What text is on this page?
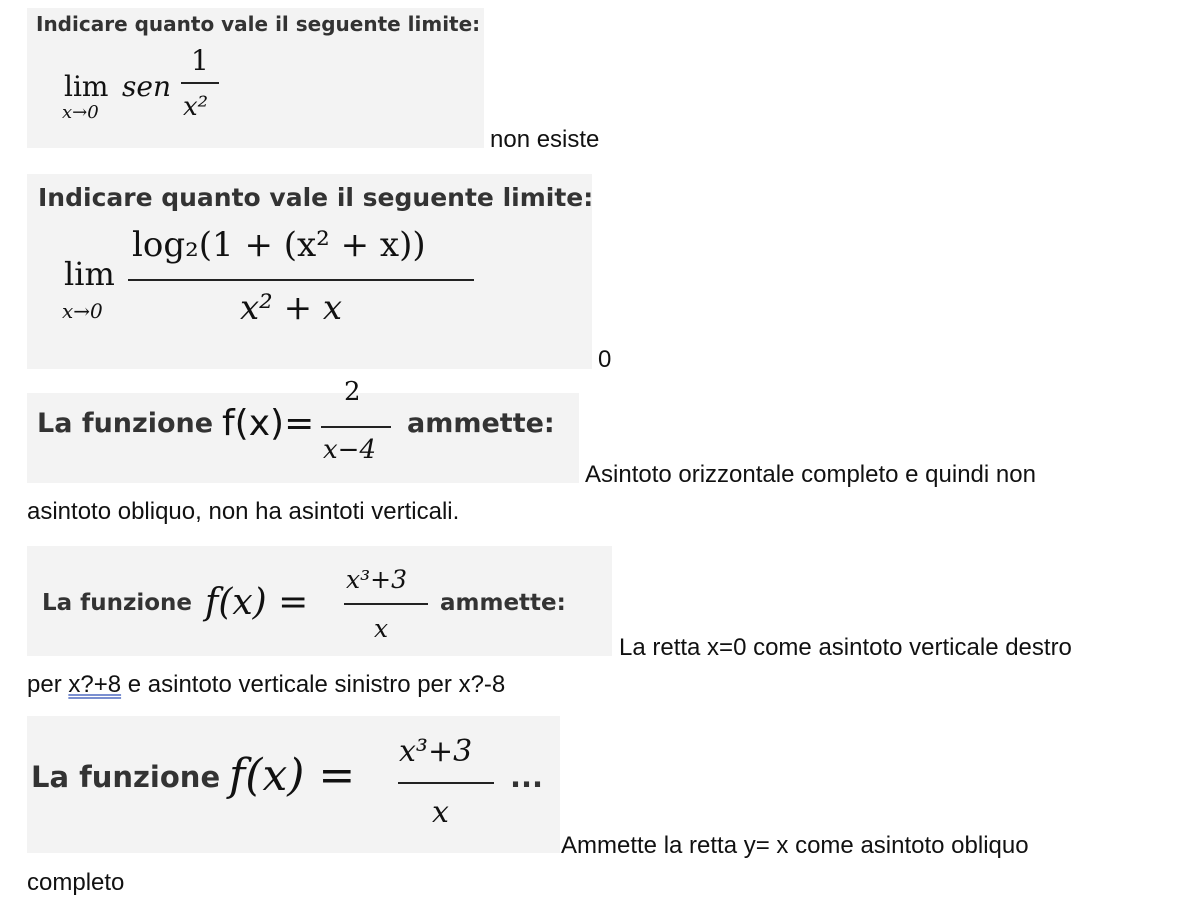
Indicare quanto vale il seguente limite:
lim
x→0
sen
1
x²
non esiste
Indicare quanto vale il seguente limite:
lim
x→0
log₂(1 + (x² + x))
x² + x
0
La funzione f(x)=
2
x−4
ammette:
Asintoto orizzontale completo e quindi non
asintoto obliquo, non ha asintoti verticali.
La funzione f(x) =
x³+3
x
ammette:
La retta x=0 come asintoto verticale destro
per x?+8 e asintoto verticale sinistro per x?-8
La funzione f(x) = x³+3
x
...
Ammette la retta y= x come asintoto obliquo
completo
